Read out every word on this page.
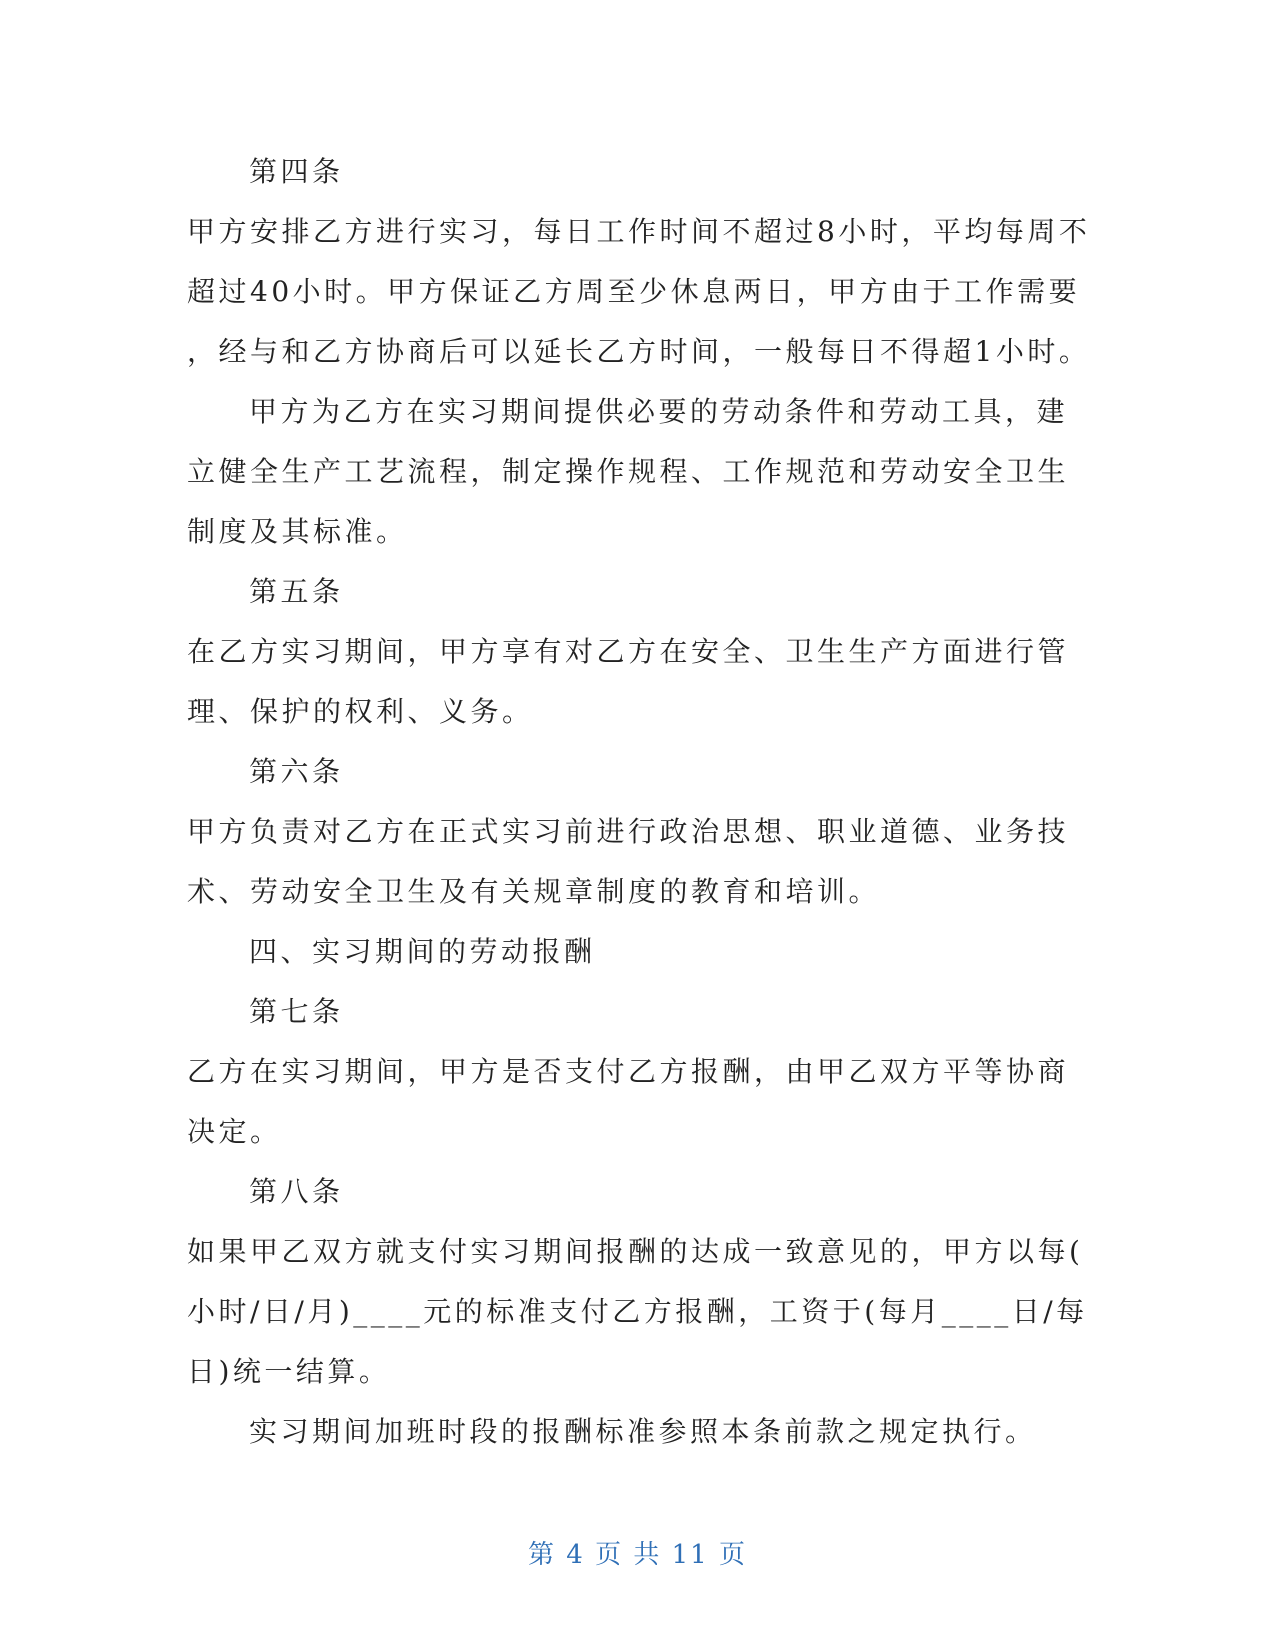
第四条
甲方安排乙方进行实习，每日工作时间不超过8小时，平均每周不
超过40小时。甲方保证乙方周至少休息两日，甲方由于工作需要
，经与和乙方协商后可以延长乙方时间，一般每日不得超1小时。
甲方为乙方在实习期间提供必要的劳动条件和劳动工具，建
立健全生产工艺流程，制定操作规程、工作规范和劳动安全卫生
制度及其标准。
第五条
在乙方实习期间，甲方享有对乙方在安全、卫生生产方面进行管
理、保护的权利、义务。
第六条
甲方负责对乙方在正式实习前进行政治思想、职业道德、业务技
术、劳动安全卫生及有关规章制度的教育和培训。
四、实习期间的劳动报酬
第七条
乙方在实习期间，甲方是否支付乙方报酬，由甲乙双方平等协商
决定。
第八条
如果甲乙双方就支付实习期间报酬的达成一致意见的，甲方以每(
小时/日/月)____元的标准支付乙方报酬，工资于(每月____日/每
日)统一结算。
实习期间加班时段的报酬标准参照本条前款之规定执行。
第 4 页 共 11 页
